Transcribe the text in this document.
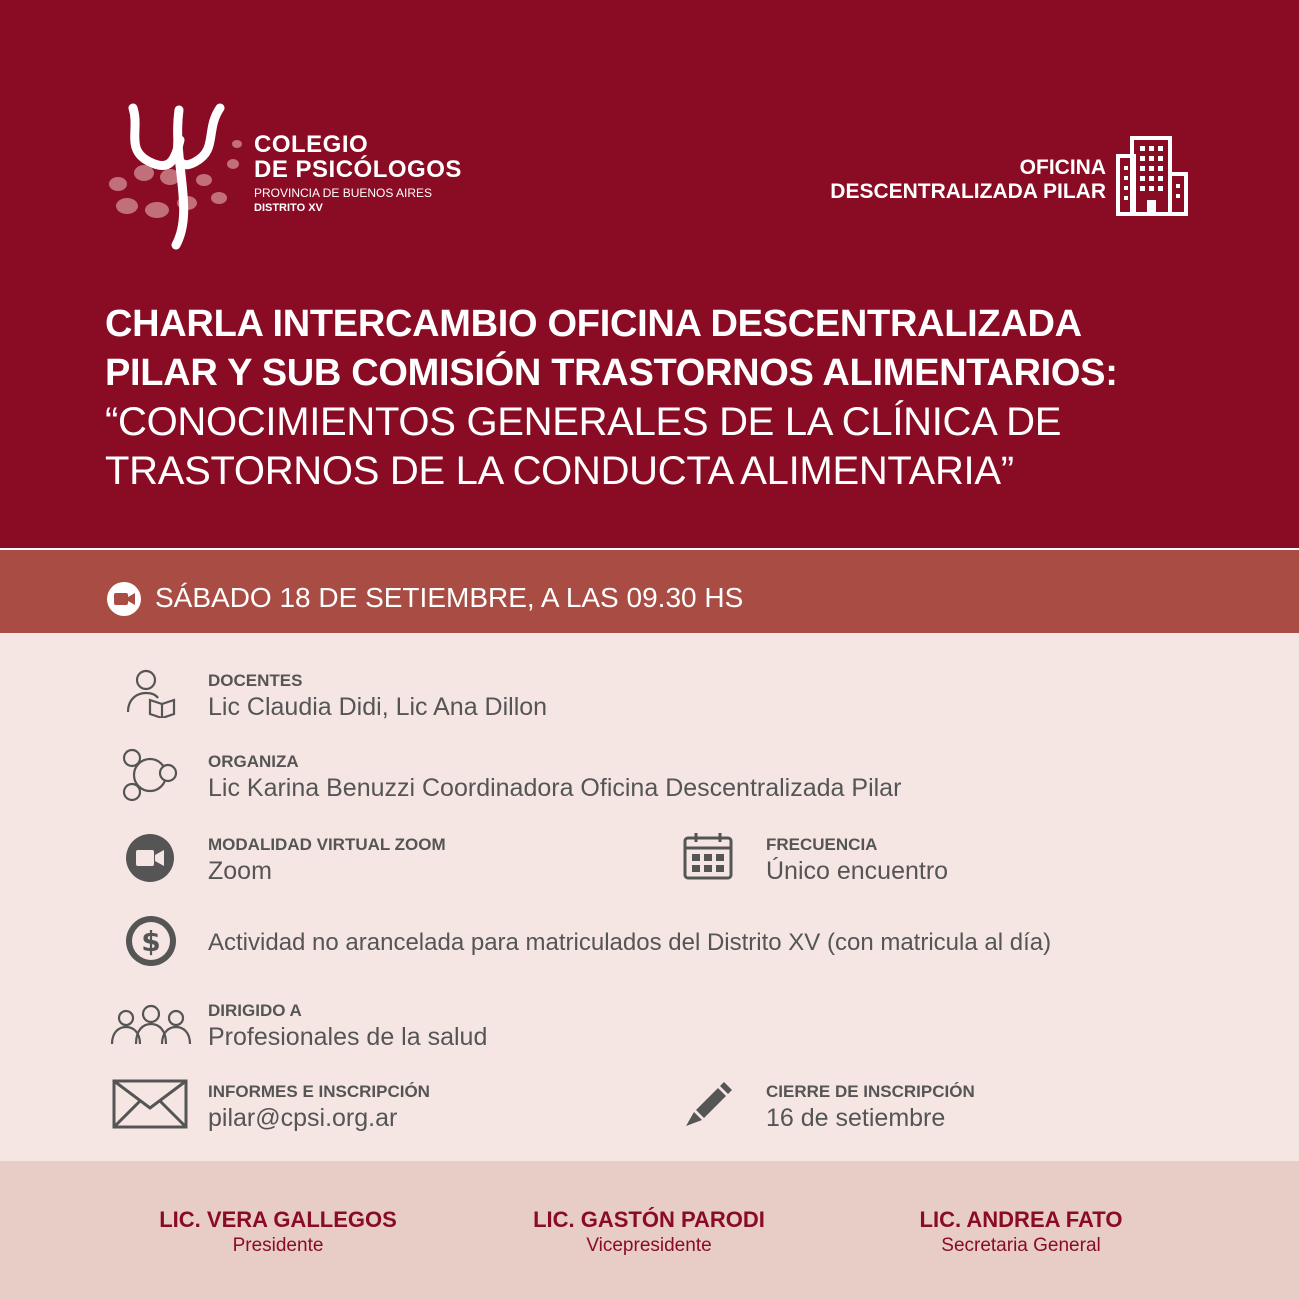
COLEGIO
DE PSICÓLOGOS
PROVINCIA DE BUENOS AIRES
DISTRITO XV
OFICINA
DESCENTRALIZADA PILAR
CHARLA INTERCAMBIO OFICINA DESCENTRALIZADA
PILAR Y SUB COMISIÓN TRASTORNOS ALIMENTARIOS:
“CONOCIMIENTOS GENERALES DE LA CLÍNICA DE
TRASTORNOS DE LA CONDUCTA ALIMENTARIA”
SÁBADO 18 DE SETIEMBRE, A LAS 09.30 HS
DOCENTES
Lic Claudia Didi, Lic Ana Dillon
ORGANIZA
Lic Karina Benuzzi Coordinadora Oficina Descentralizada Pilar
MODALIDAD VIRTUAL ZOOM
Zoom
FRECUENCIA
Único encuentro
$ Actividad no arancelada para matriculados del Distrito XV (con matricula al día)
DIRIGIDO A
Profesionales de la salud
INFORMES E INSCRIPCIÓN
pilar@cpsi.org.ar
CIERRE DE INSCRIPCIÓN
16 de setiembre
LIC. VERA GALLEGOS
Presidente
LIC. GASTÓN PARODI
Vicepresidente
LIC. ANDREA FATO
Secretaria General
